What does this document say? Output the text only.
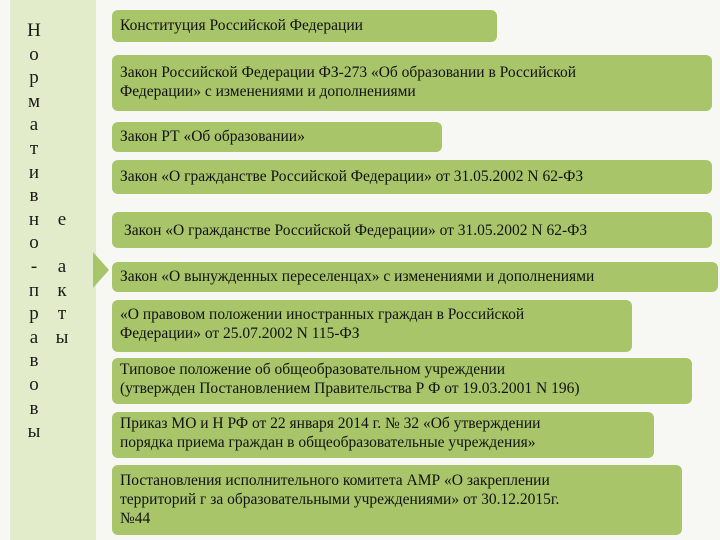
Н
о
р
м
а
т
и
в
н
о
-
п
р
а
в
о
в
ы
е
а
к
т
ы
Конституция Российской Федерации
Закон Российской Федерации ФЗ-273 «Об образовании в Российской
Федерации» с изменениями и дополнениями
Закон РТ «Об образовании»
Закон «О гражданстве Российской Федерации» от 31.05.2002 N 62-ФЗ
Закон «О гражданстве Российской Федерации» от 31.05.2002 N 62-ФЗ
Закон «О вынужденных переселенцах» с изменениями и дополнениями
«О правовом положении иностранных граждан в Российской
Федерации» от 25.07.2002 N 115-ФЗ
Типовое положение об общеобразовательном учреждении
(утвержден Постановлением Правительства Р Ф от 19.03.2001 N 196)
Приказ МО и Н РФ от 22 января 2014 г. № 32 «Об утверждении
порядка приема граждан в общеобразовательные учреждения»
Постановления исполнительного комитета АМР «О закреплении
территорий г за образовательными учреждениями» от 30.12.2015г.
№44
